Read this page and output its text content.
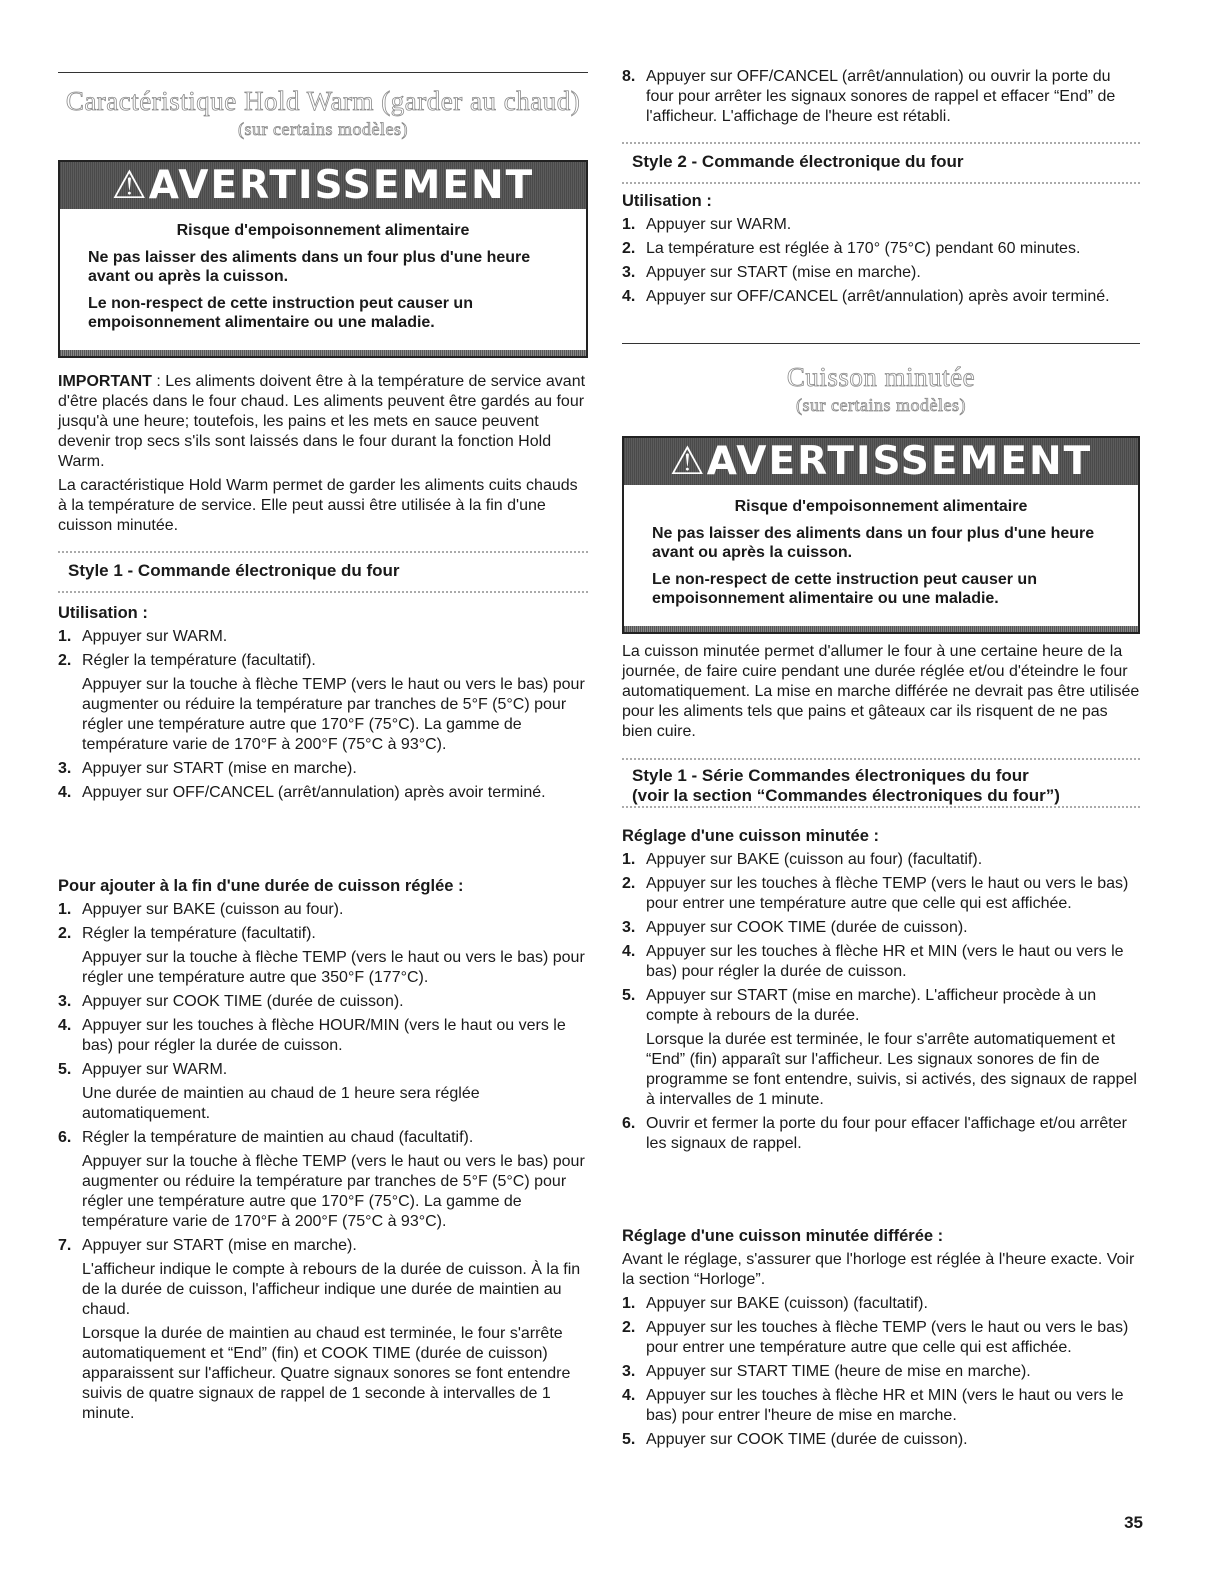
Caractéristique Hold Warm (garder au chaud)
(sur certains modèles)
⚠AVERTISSEMENT
Risque d'empoisonnement alimentaire

Ne pas laisser des aliments dans un four plus d'une heure avant ou après la cuisson.

Le non-respect de cette instruction peut causer un empoisonnement alimentaire ou une maladie.

IMPORTANT : Les aliments doivent être à la température de service avant d'être placés dans le four chaud. Les aliments peuvent être gardés au four jusqu'à une heure; toutefois, les pains et les mets en sauce peuvent devenir trop secs s'ils sont laissés dans le four durant la fonction Hold Warm.

La caractéristique Hold Warm permet de garder les aliments cuits chauds à la température de service. Elle peut aussi être utilisée à la fin d'une cuisson minutée.

Style 1 - Commande électronique du four
Utilisation :
1. Appuyer sur WARM.
2. Régler la température (facultatif).
Appuyer sur la touche à flèche TEMP (vers le haut ou vers le bas) pour augmenter ou réduire la température par tranches de 5°F (5°C) pour régler une température autre que 170°F (75°C). La gamme de température varie de 170°F à 200°F (75°C à 93°C).
3. Appuyer sur START (mise en marche).
4. Appuyer sur OFF/CANCEL (arrêt/annulation) après avoir terminé.
Pour ajouter à la fin d'une durée de cuisson réglée :
1. Appuyer sur BAKE (cuisson au four).
2. Régler la température (facultatif).
Appuyer sur la touche à flèche TEMP (vers le haut ou vers le bas) pour régler une température autre que 350°F (177°C).
3. Appuyer sur COOK TIME (durée de cuisson).
4. Appuyer sur les touches à flèche HOUR/MIN (vers le haut ou vers le bas) pour régler la durée de cuisson.
5. Appuyer sur WARM.
Une durée de maintien au chaud de 1 heure sera réglée automatiquement.
6. Régler la température de maintien au chaud (facultatif).
Appuyer sur la touche à flèche TEMP (vers le haut ou vers le bas) pour augmenter ou réduire la température par tranches de 5°F (5°C) pour régler une température autre que 170°F (75°C). La gamme de température varie de 170°F à 200°F (75°C à 93°C).
7. Appuyer sur START (mise en marche).
L'afficheur indique le compte à rebours de la durée de cuisson. À la fin de la durée de cuisson, l'afficheur indique une durée de maintien au chaud.
Lorsque la durée de maintien au chaud est terminée, le four s'arrête automatiquement et “End” (fin) et COOK TIME (durée de cuisson) apparaissent sur l'afficheur. Quatre signaux sonores se font entendre suivis de quatre signaux de rappel de 1 seconde à intervalles de 1 minute.
8. Appuyer sur OFF/CANCEL (arrêt/annulation) ou ouvrir la porte du four pour arrêter les signaux sonores de rappel et effacer “End” de l'afficheur. L'affichage de l'heure est rétabli.
Style 2 - Commande électronique du four
Utilisation :
1. Appuyer sur WARM.
2. La température est réglée à 170° (75°C) pendant 60 minutes.
3. Appuyer sur START (mise en marche).
4. Appuyer sur OFF/CANCEL (arrêt/annulation) après avoir terminé.
Cuisson minutée
(sur certains modèles)
⚠AVERTISSEMENT
Risque d'empoisonnement alimentaire

Ne pas laisser des aliments dans un four plus d'une heure avant ou après la cuisson.

Le non-respect de cette instruction peut causer un empoisonnement alimentaire ou une maladie.

La cuisson minutée permet d'allumer le four à une certaine heure de la journée, de faire cuire pendant une durée réglée et/ou d'éteindre le four automatiquement. La mise en marche différée ne devrait pas être utilisée pour les aliments tels que pains et gâteaux car ils risquent de ne pas bien cuire.
Style 1 - Série Commandes électroniques du four
(voir la section “Commandes électroniques du four”)
Réglage d'une cuisson minutée :
1. Appuyer sur BAKE (cuisson au four) (facultatif).
2. Appuyer sur les touches à flèche TEMP (vers le haut ou vers le bas) pour entrer une température autre que celle qui est affichée.
3. Appuyer sur COOK TIME (durée de cuisson).
4. Appuyer sur les touches à flèche HR et MIN (vers le haut ou vers le bas) pour régler la durée de cuisson.
5. Appuyer sur START (mise en marche). L'afficheur procède à un compte à rebours de la durée.
Lorsque la durée est terminée, le four s'arrête automatiquement et “End” (fin) apparaît sur l'afficheur. Les signaux sonores de fin de programme se font entendre, suivis, si activés, des signaux de rappel à intervalles de 1 minute.
6. Ouvrir et fermer la porte du four pour effacer l'affichage et/ou arrêter les signaux de rappel.
Réglage d'une cuisson minutée différée :
Avant le réglage, s'assurer que l'horloge est réglée à l'heure exacte. Voir la section “Horloge”.
1. Appuyer sur BAKE (cuisson) (facultatif).
2. Appuyer sur les touches à flèche TEMP (vers le haut ou vers le bas) pour entrer une température autre que celle qui est affichée.
3. Appuyer sur START TIME (heure de mise en marche).
4. Appuyer sur les touches à flèche HR et MIN (vers le haut ou vers le bas) pour entrer l'heure de mise en marche.
5. Appuyer sur COOK TIME (durée de cuisson).
35
